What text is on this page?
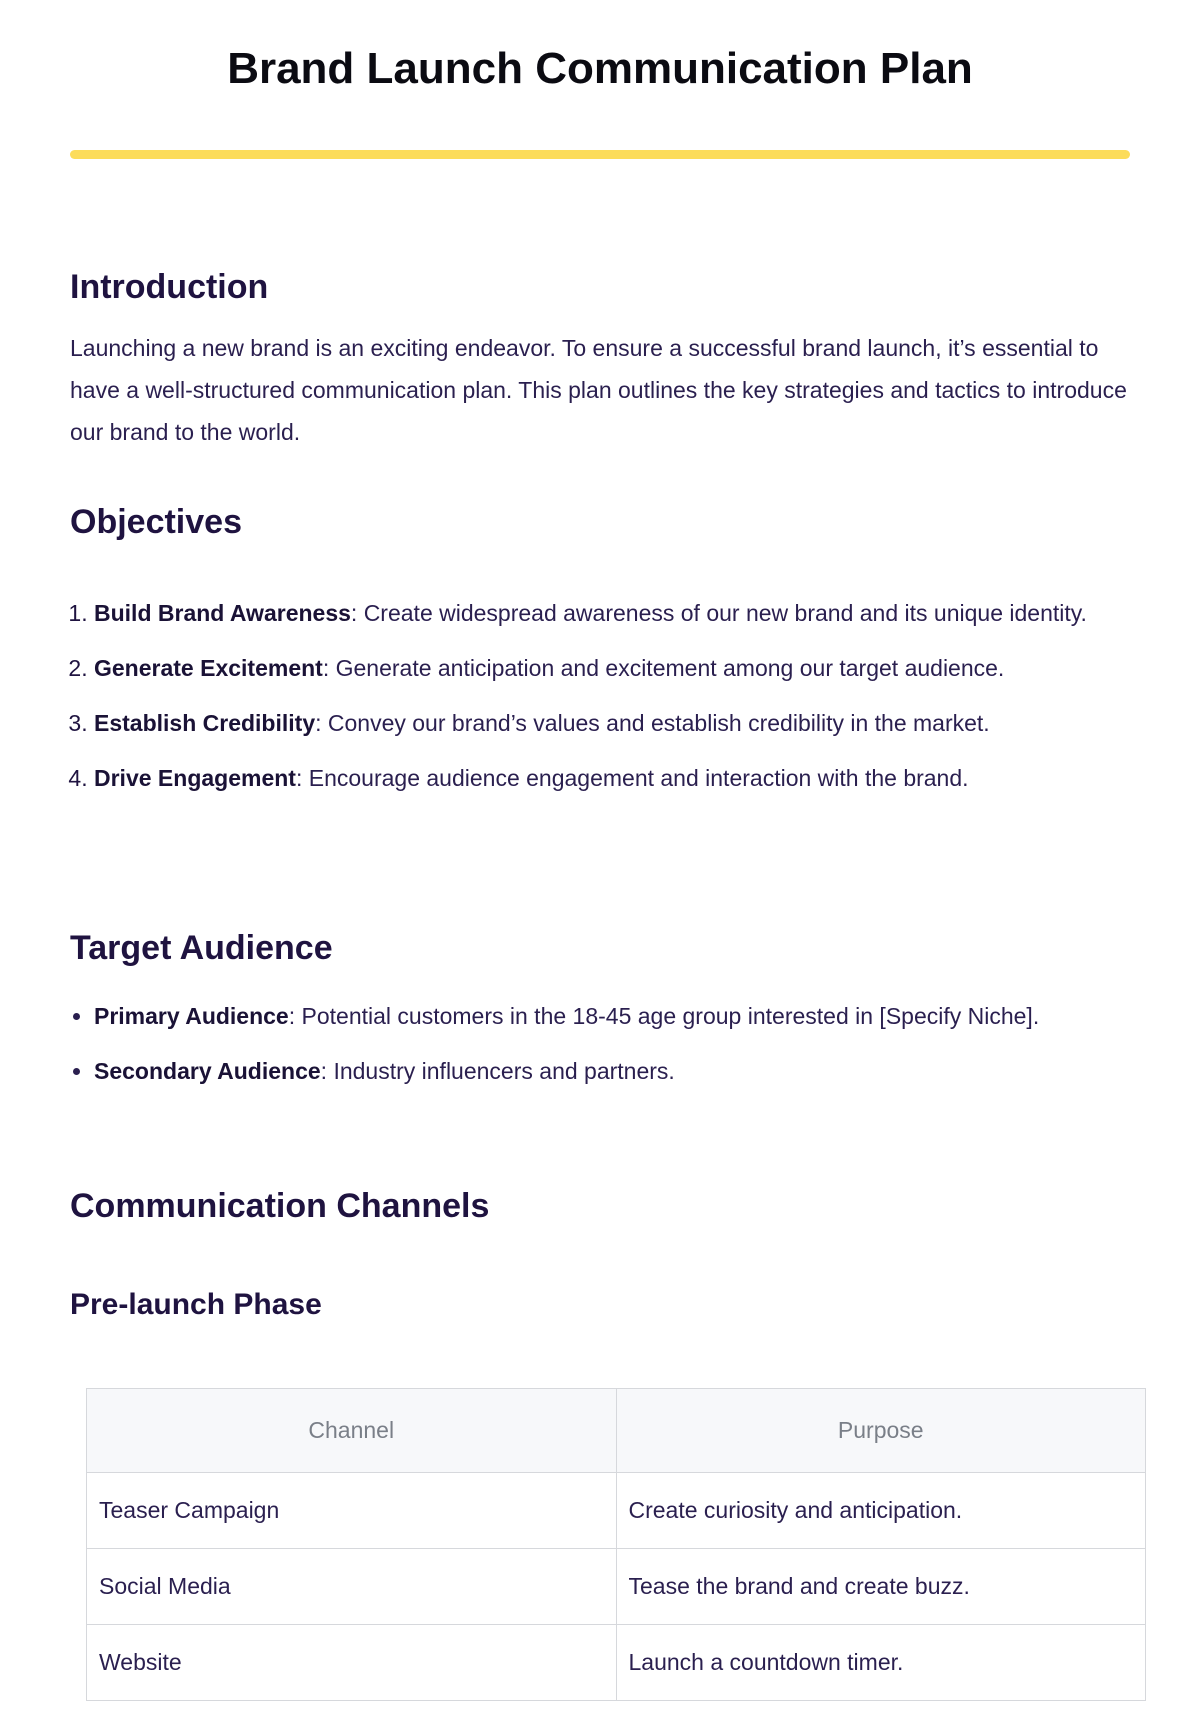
Brand Launch Communication Plan
Introduction

Launching a new brand is an exciting endeavor. To ensure a successful brand launch, it’s essential to have a well-structured communication plan. This plan outlines the key strategies and tactics to introduce our brand to the world.

Objectives
1. Build Brand Awareness: Create widespread awareness of our new brand and its unique identity.
2. Generate Excitement: Generate anticipation and excitement among our target audience.
3. Establish Credibility: Convey our brand’s values and establish credibility in the market.
4. Drive Engagement: Encourage audience engagement and interaction with the brand.
Target Audience
• Primary Audience: Potential customers in the 18-45 age group interested in [Specify Niche].
• Secondary Audience: Industry influencers and partners.
Communication Channels
Pre-launch Phase
Channel	Purpose
Teaser Campaign	Create curiosity and anticipation.
Social Media	Tease the brand and create buzz.
Website	Launch a countdown timer.
